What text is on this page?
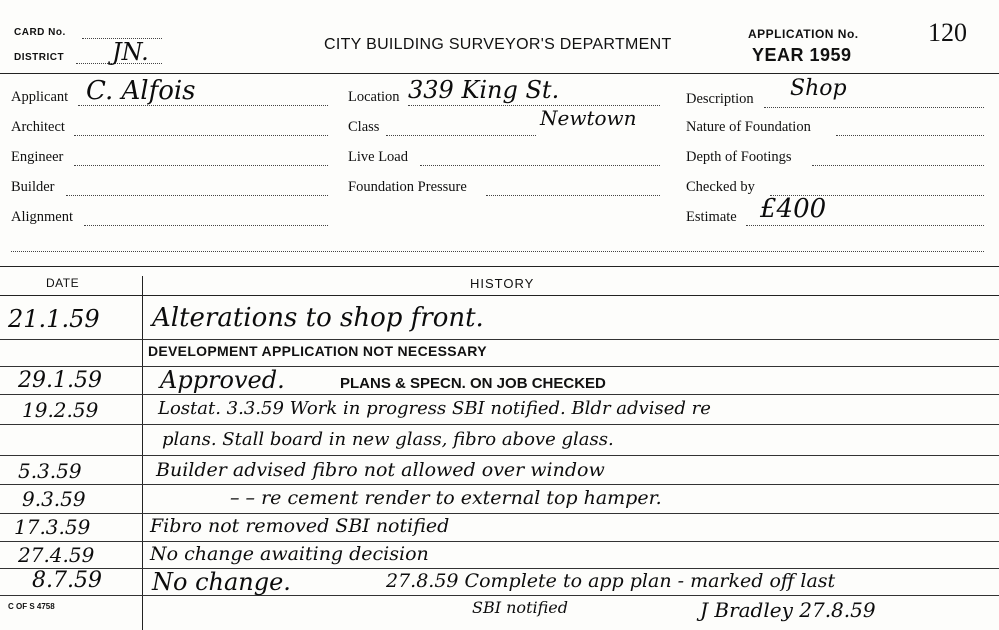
CARD No.
DISTRICT JN.	CITY BUILDING SURVEYOR'S DEPARTMENT
APPLICATION No.
YEAR 1959
120
Applicant C. Alfois
Architect
Engineer
Builder
Alignment
Location 339 King St.
Newtown
Class
Live Load
Foundation Pressure
Description Shop
Nature of Foundation
Depth of Footings
Checked by
Estimate £400
DATE	HISTORY
21.1.59 Alterations to shop front.
DEVELOPMENT APPLICATION NOT NECESSARY
29.1.59 Approved.	PLANS & SPECN. ON JOB CHECKED
19.2.59	Lostat. 3.3.59 Work in progress SBI notified. Bldr advised re
plans. Stall board in new glass, fibro above glass.
5.3.59	Builder advised fibro not allowed over window
9.3.59	– – re cement render to external top hamper.
17.3.59	Fibro not removed SBI notified
27.4.59	No change awaiting decision
8.7.59 No change.	27.8.59 Complete to app plan - marked off last
SBI notified	J Bradley 27.8.59
C OF S 4758
